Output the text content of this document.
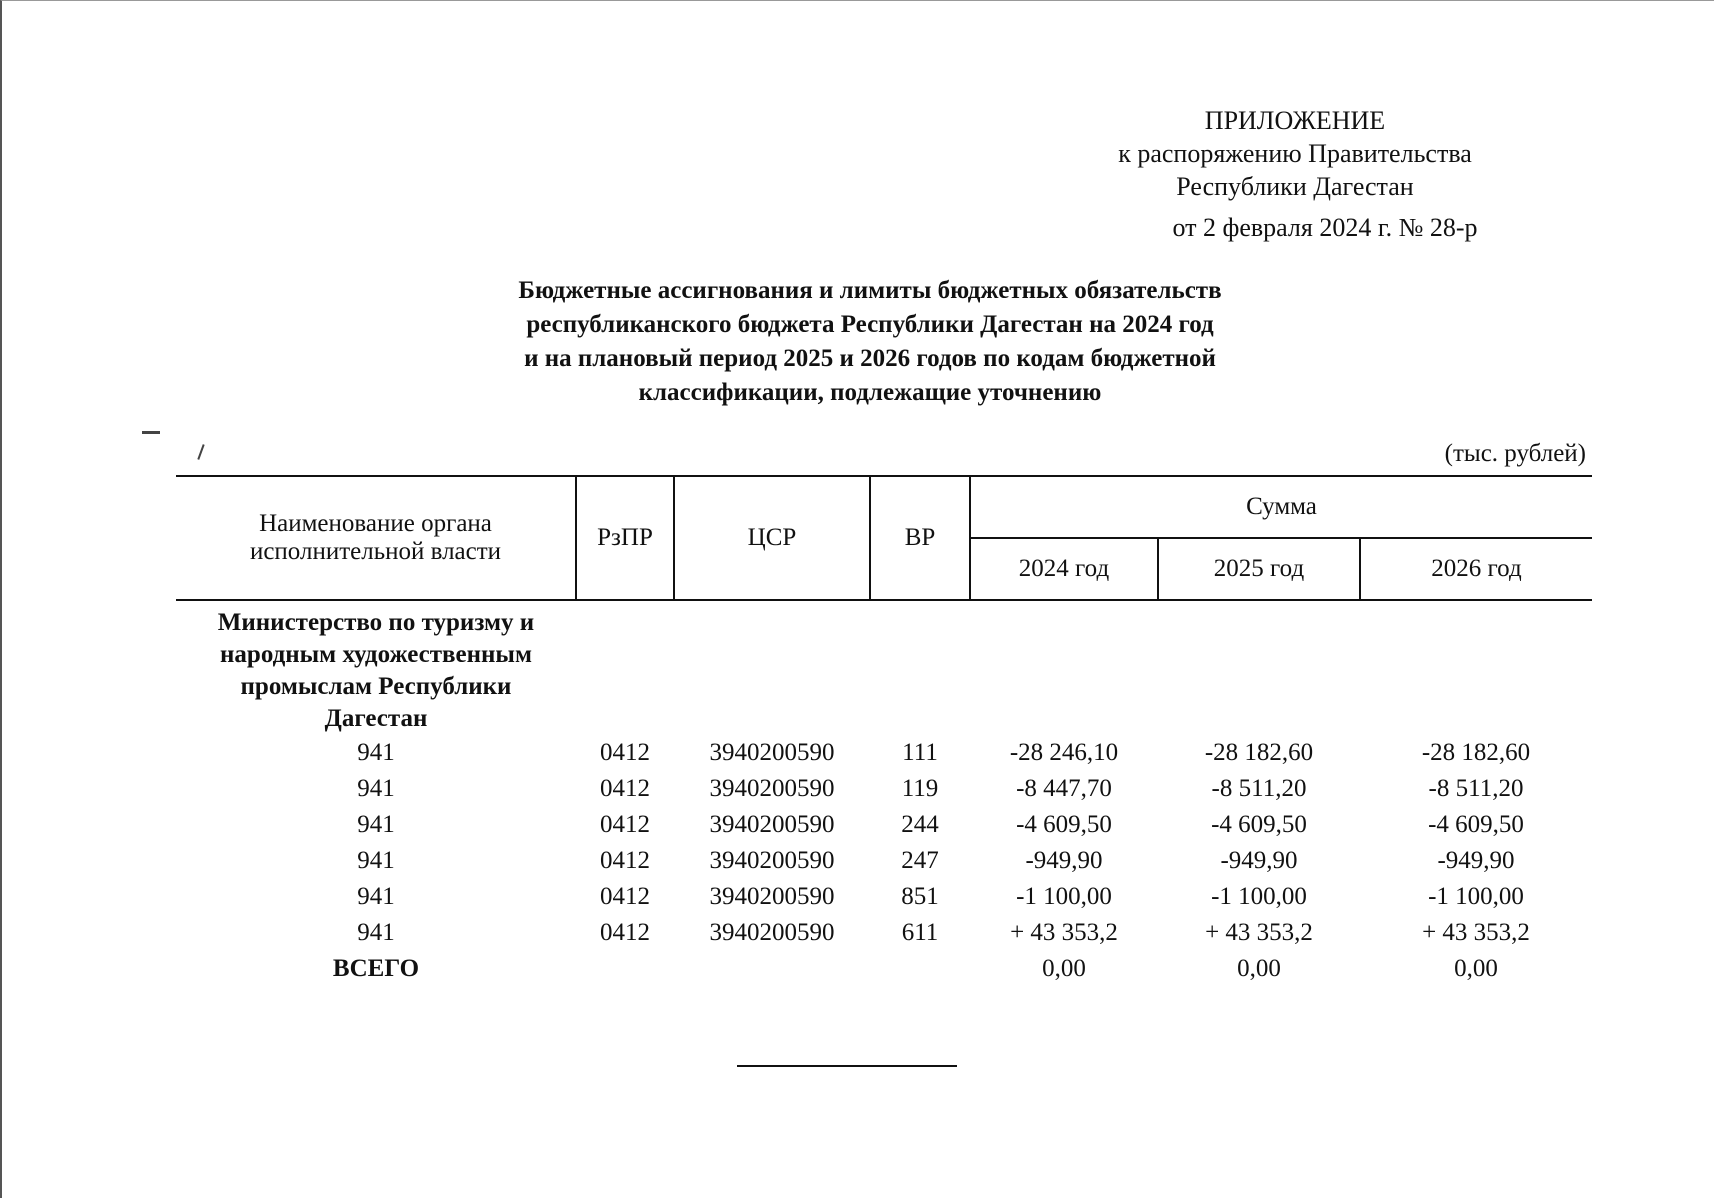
ПРИЛОЖЕНИЕ
к распоряжению Правительства
Республики Дагестан
от 2 февраля 2024 г. № 28-р
Бюджетные ассигнования и лимиты бюджетных обязательств
республиканского бюджета Республики Дагестан на 2024 год
и на плановый период 2025 и 2026 годов по кодам бюджетной
классификации, подлежащие уточнению
(тыс. рублей)
Наименование органа
исполнительной власти	РзПР	ЦСР	ВР	Сумма		
				2024 год	2025 год	2026 год

Министерство по туризму и
народным художественным
промыслам Республики
Дагестан						

941	0412	3940200590	111	-28 246,10	-28 182,60	-28 182,60
941	0412	3940200590	119	-8 447,70	-8 511,20	-8 511,20
941	0412	3940200590	244	-4 609,50	-4 609,50	-4 609,50
941	0412	3940200590	247	-949,90	-949,90	-949,90
941	0412	3940200590	851	-1 100,00	-1 100,00	-1 100,00
941	0412	3940200590	611	+ 43 353,2	+ 43 353,2	+ 43 353,2
ВСЕГО				0,00	0,00	0,00
